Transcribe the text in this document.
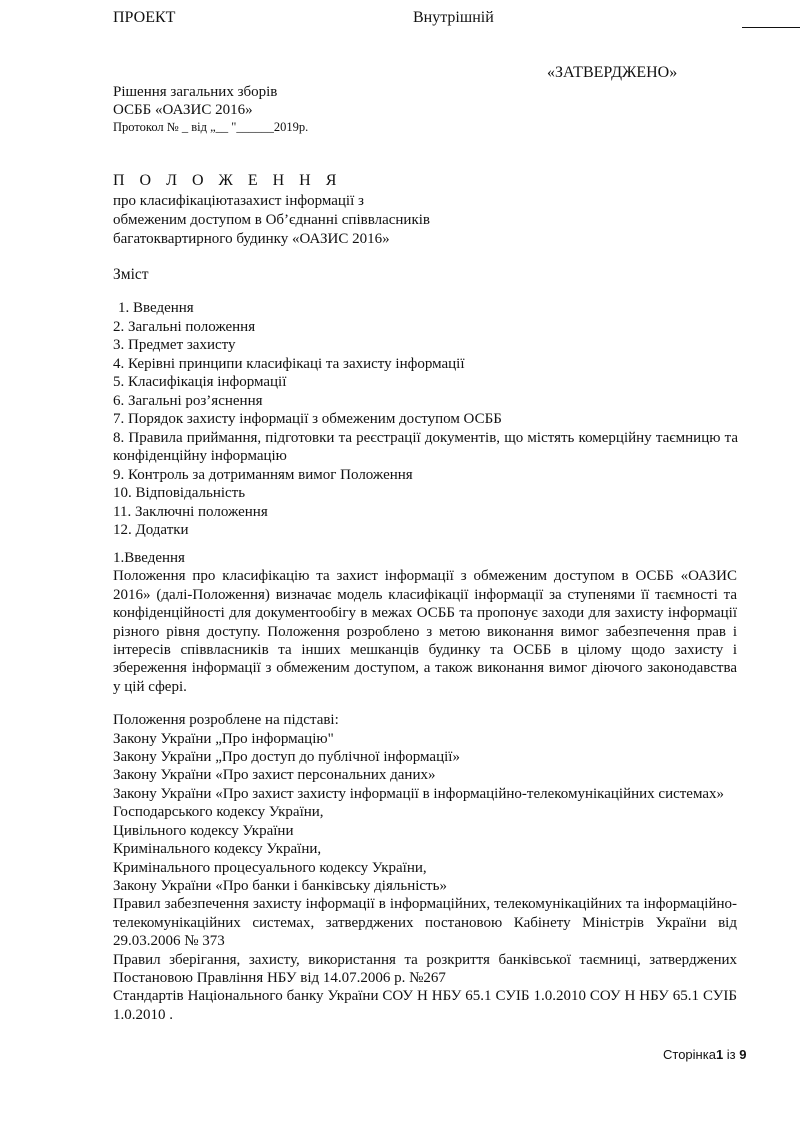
ПРОЕКТ	Внутрішній
«ЗАТВЕРДЖЕНО»
Рішення загальних зборів
ОСББ «ОАЗИС 2016»
Протокол № _ від „__ "______2019р.
П О Л О Ж Е Н Н Я
про класифікаціютазахист інформації з
обмеженим доступом в Об’єднанні співвласників
багатоквартирного будинку «ОАЗИС 2016»
Зміст
1. Введення
2. Загальні положення
3. Предмет захисту
4. Керівні принципи класифікаці та захисту інформації
5. Класифікація інформації
6. Загальні роз’яснення
7. Порядок захисту інформації з обмеженим доступом ОСББ
8. Правила приймання, підготовки та реєстрації документів, що містять комерційну таємницю та конфіденційну інформацію
9. Контроль за дотриманням вимог Положення
10. Відповідальність
11. Заключні положення
12. Додатки

1.Введення

Положення про класифікацію та захист інформації з обмеженим доступом в ОСББ «ОАЗИС 2016» (далі-Положення) визначає модель класифікації інформації за ступенями її таємності та конфіденційності для документообігу в межах ОСББ та пропонує заходи для захисту інформації різного рівня доступу. Положення розроблено з метою виконання вимог забезпечення прав і інтересів співвласників та інших мешканців будинку та ОСББ в цілому щодо захисту і збереження інформації з обмеженим доступом, а також виконання вимог діючого законодавства у цій сфері.

Положення розроблене на підставі:

Закону України „Про інформацію"

Закону України „Про доступ до публічної інформації»

Закону України «Про захист персональних даних»

Закону України «Про захист захисту інформації в інформаційно-телекомунікаційних системах»

Господарського кодексу України,

Цивільного кодексу України

Кримінального кодексу України,

Кримінального процесуального кодексу України,

Закону України «Про банки і банківську діяльність»

Правил забезпечення захисту інформації в інформаційних, телекомунікаційних та інформаційно-телекомунікаційних системах, затверджених постановою Кабінету Міністрів України від 29.03.2006 № 373

Правил зберігання, захисту, використання та розкриття банківської таємниці, затверджених Постановою Правління НБУ від 14.07.2006 р. №267

Стандартів Національного банку України СОУ Н НБУ 65.1 СУІБ 1.0.2010 СОУ Н НБУ 65.1 СУІБ 1.0.2010 .

Сторінка1 із 9
